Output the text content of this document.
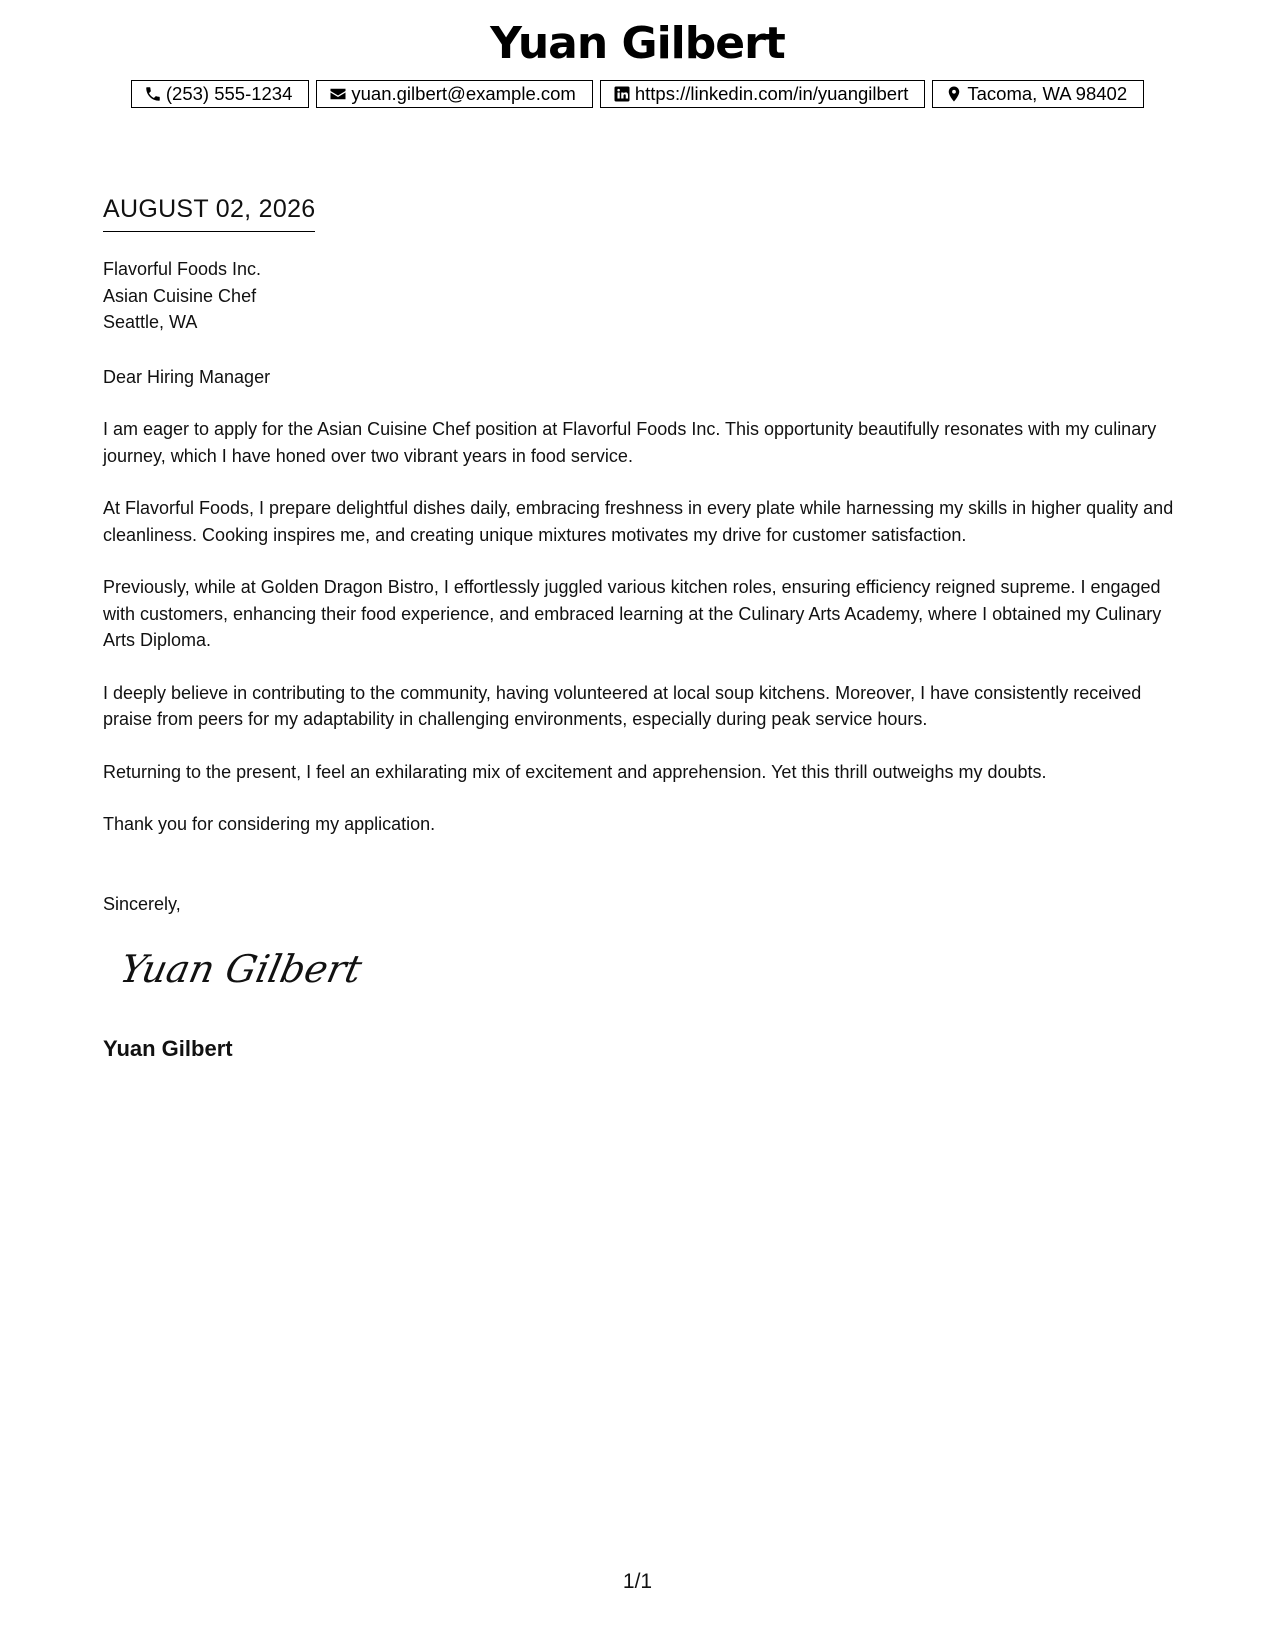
Yuan Gilbert
(253) 555-1234	yuan.gilbert@example.com	https://linkedin.com/in/yuangilbert	Tacoma, WA 98402
AUGUST 02, 2026
Flavorful Foods Inc.
Asian Cuisine Chef
Seattle, WA
Dear Hiring Manager

I am eager to apply for the Asian Cuisine Chef position at Flavorful Foods Inc. This opportunity beautifully resonates with my culinary journey, which I have honed over two vibrant years in food service.

At Flavorful Foods, I prepare delightful dishes daily, embracing freshness in every plate while harnessing my skills in higher quality and cleanliness. Cooking inspires me, and creating unique mixtures motivates my drive for customer satisfaction.

Previously, while at Golden Dragon Bistro, I effortlessly juggled various kitchen roles, ensuring efficiency reigned supreme. I engaged with customers, enhancing their food experience, and embraced learning at the Culinary Arts Academy, where I obtained my Culinary Arts Diploma.

I deeply believe in contributing to the community, having volunteered at local soup kitchens. Moreover, I have consistently received praise from peers for my adaptability in challenging environments, especially during peak service hours.

Returning to the present, I feel an exhilarating mix of excitement and apprehension. Yet this thrill outweighs my doubts.

Thank you for considering my application.

Sincerely,
Yuan Gilbert
Yuan Gilbert
1/1
